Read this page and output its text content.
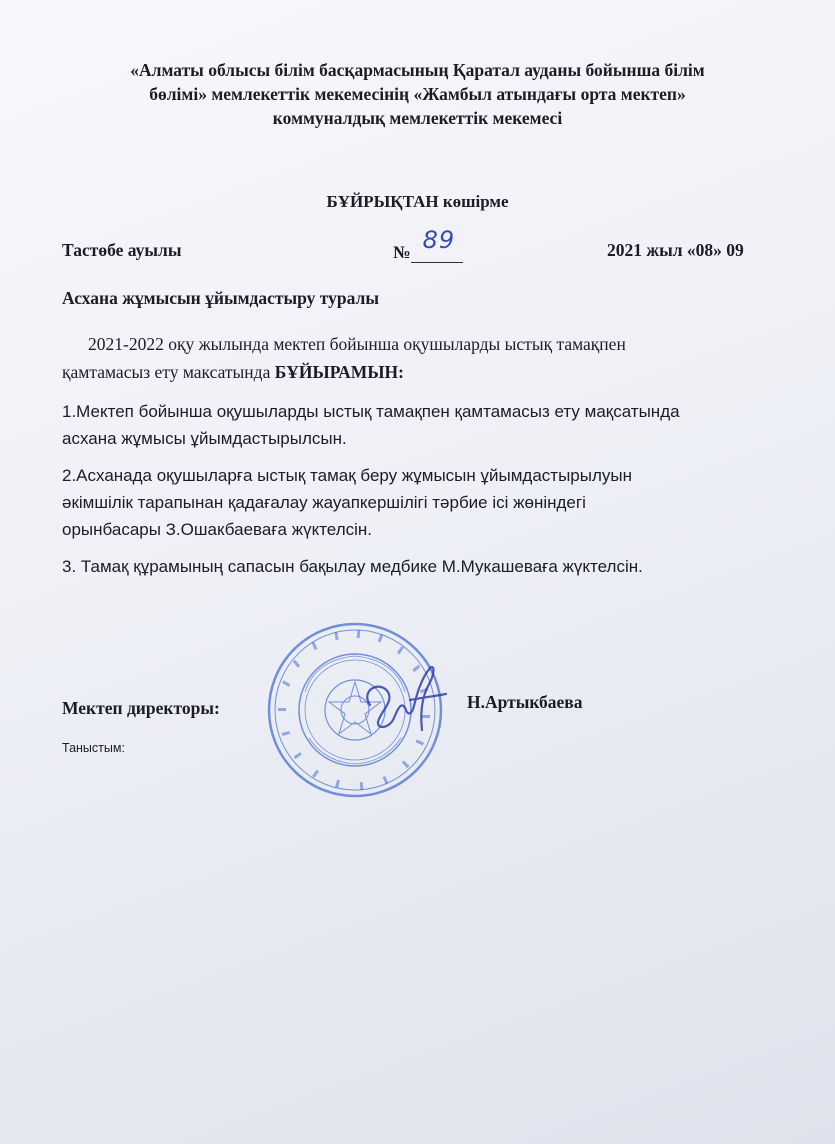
«Алматы облысы білім басқармасының Қаратал ауданы бойынша білім
бөлімі» мемлекеттік мекемесінің «Жамбыл атындағы орта мектеп»
коммуналдық мемлекеттік мекемесі
БҰЙРЫҚТАН көшірме
Тастөбе ауылы	№ 89	2021 жыл «08» 09
Асхана жұмысын ұйымдастыру туралы
2021-2022 оқу жылында мектеп бойынша оқушыларды ыстық тамақпен
қамтамасыз ету максатында БҰЙЫРАМЫН:
1.Мектеп бойынша оқушыларды ыстық тамақпен қамтамасыз ету мақсатында
асхана жұмысы ұйымдастырылсын.
2.Асханада оқушыларға ыстық тамақ беру жұмысын ұйымдастырылуын
әкімшілік тарапынан қадағалау жауапкершілігі тәрбие ісі жөніндегі
орынбасары З.Ошакбаевағa жүктелсін.
3. Тамақ құрамының сапасын бақылау медбике М.Мукашеваға жүктелсін.
Мектеп директоры:	Н.Артыкбаева
Таныстым:
